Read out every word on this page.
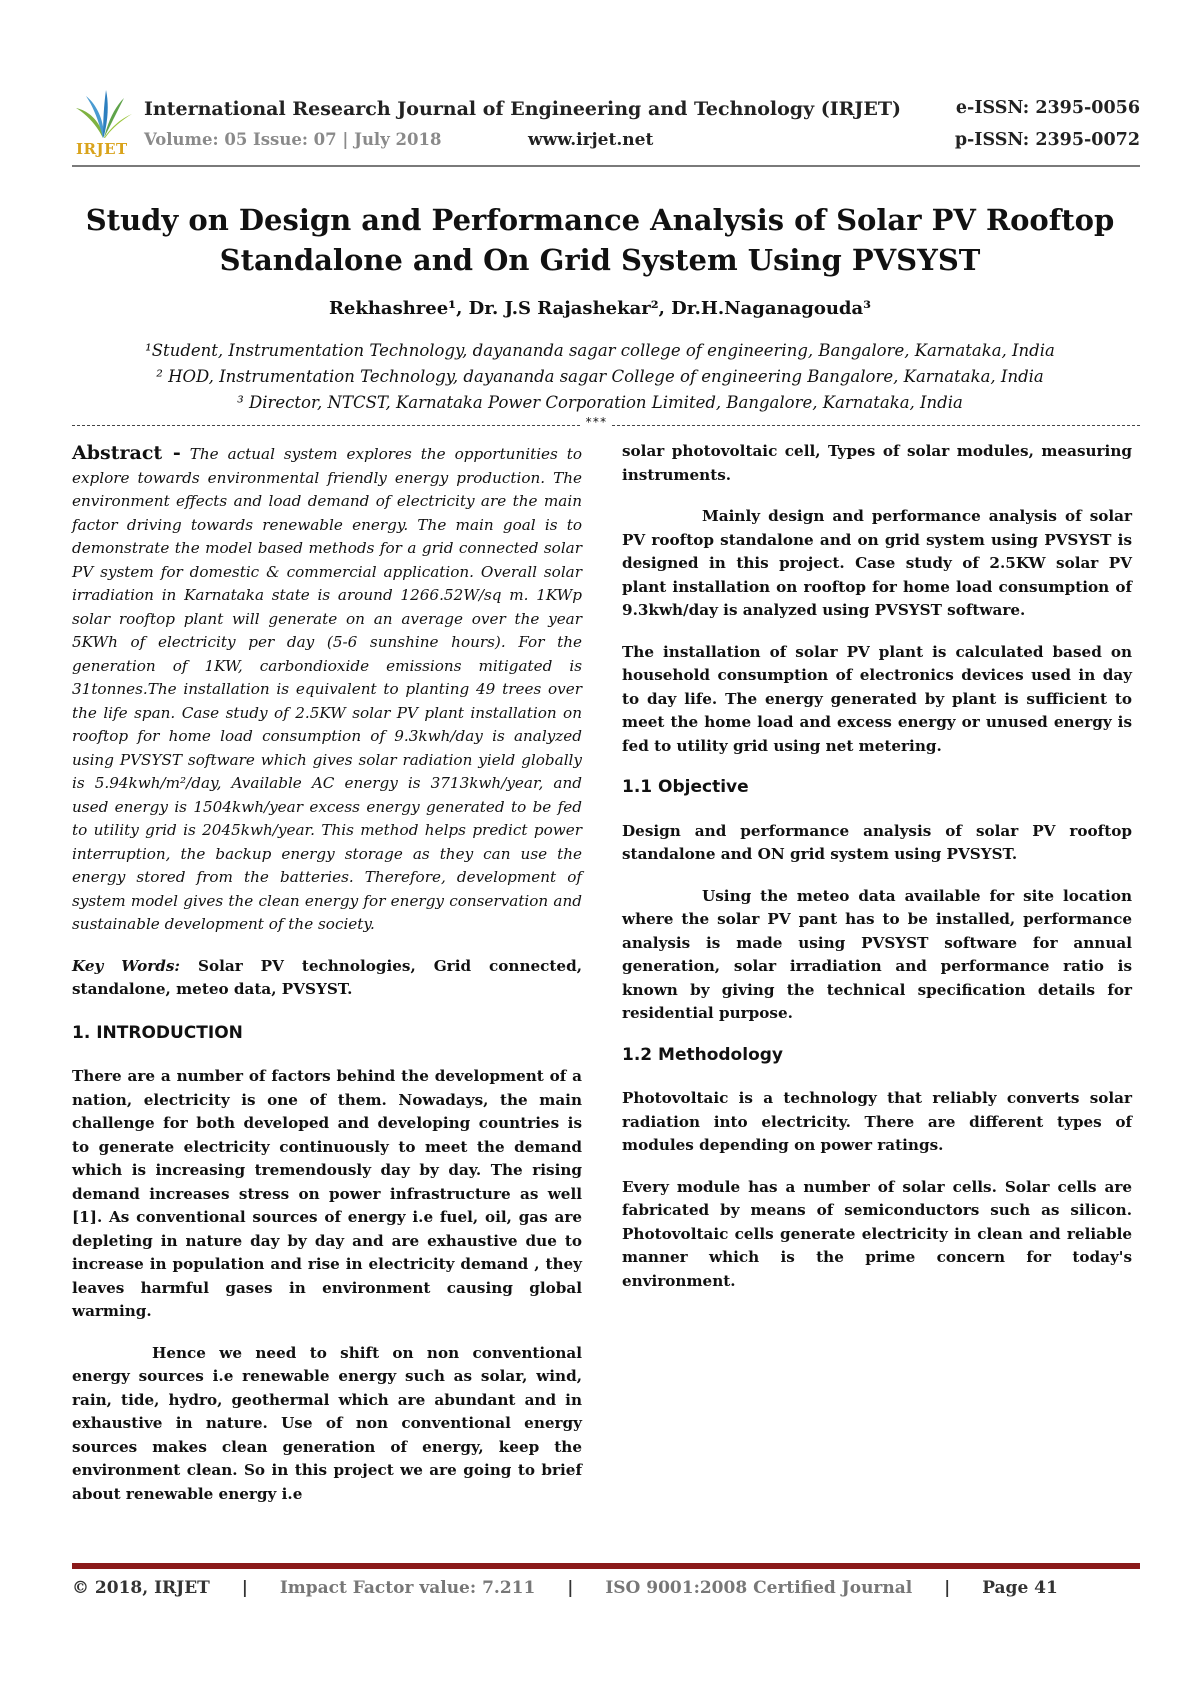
IRJET
International Research Journal of Engineering and Technology (IRJET)
Volume: 05 Issue: 07 | July 2018	www.irjet.net
e-ISSN: 2395-0056
p-ISSN: 2395-0072
Study on Design and Performance Analysis of Solar PV Rooftop
Standalone and On Grid System Using PVSYST
Rekhashree¹, Dr. J.S Rajashekar², Dr.H.Naganagouda³
¹Student, Instrumentation Technology, dayananda sagar college of engineering, Bangalore, Karnataka, India
² HOD, Instrumentation Technology, dayananda sagar College of engineering Bangalore, Karnataka, India
³ Director, NTCST, Karnataka Power Corporation Limited, Bangalore, Karnataka, India
***

Abstract - The actual system explores the opportunities to explore towards environmental friendly energy production. The environment effects and load demand of electricity are the main factor driving towards renewable energy. The main goal is to demonstrate the model based methods for a grid connected solar PV system for domestic & commercial application. Overall solar irradiation in Karnataka state is around 1266.52W/sq m. 1KWp solar rooftop plant will generate on an average over the year 5KWh of electricity per day (5-6 sunshine hours). For the generation of 1KW, carbondioxide emissions mitigated is 31tonnes.The installation is equivalent to planting 49 trees over the life span. Case study of 2.5KW solar PV plant installation on rooftop for home load consumption of 9.3kwh/day is analyzed using PVSYST software which gives solar radiation yield globally is 5.94kwh/m²/day, Available AC energy is 3713kwh/year, and used energy is 1504kwh/year excess energy generated to be fed to utility grid is 2045kwh/year. This method helps predict power interruption, the backup energy storage as they can use the energy stored from the batteries. Therefore, development of system model gives the clean energy for energy conservation and sustainable development of the society.

Key Words: Solar PV technologies, Grid connected, standalone, meteo data, PVSYST.

1. INTRODUCTION

There are a number of factors behind the development of a nation, electricity is one of them. Nowadays, the main challenge for both developed and developing countries is to generate electricity continuously to meet the demand which is increasing tremendously day by day. The rising demand increases stress on power infrastructure as well [1]. As conventional sources of energy i.e fuel, oil, gas are depleting in nature day by day and are exhaustive due to increase in population and rise in electricity demand , they leaves harmful gases in environment causing global warming.

Hence we need to shift on non conventional energy sources i.e renewable energy such as solar, wind, rain, tide, hydro, geothermal which are abundant and in exhaustive in nature. Use of non conventional energy sources makes clean generation of energy, keep the environment clean. So in this project we are going to brief about renewable energy i.e

solar photovoltaic cell, Types of solar modules, measuring instruments.

Mainly design and performance analysis of solar PV rooftop standalone and on grid system using PVSYST is designed in this project. Case study of 2.5KW solar PV plant installation on rooftop for home load consumption of 9.3kwh/day is analyzed using PVSYST software.

The installation of solar PV plant is calculated based on household consumption of electronics devices used in day to day life. The energy generated by plant is sufficient to meet the home load and excess energy or unused energy is fed to utility grid using net metering.

1.1 Objective

Design and performance analysis of solar PV rooftop standalone and ON grid system using PVSYST.

Using the meteo data available for site location where the solar PV pant has to be installed, performance analysis is made using PVSYST software for annual generation, solar irradiation and performance ratio is known by giving the technical specification details for residential purpose.

1.2 Methodology

Photovoltaic is a technology that reliably converts solar radiation into electricity. There are different types of modules depending on power ratings.

Every module has a number of solar cells. Solar cells are fabricated by means of semiconductors such as silicon. Photovoltaic cells generate electricity in clean and reliable manner which is the prime concern for today's environment.

© 2018, IRJET | Impact Factor value: 7.211 | ISO 9001:2008 Certified Journal | Page 41
